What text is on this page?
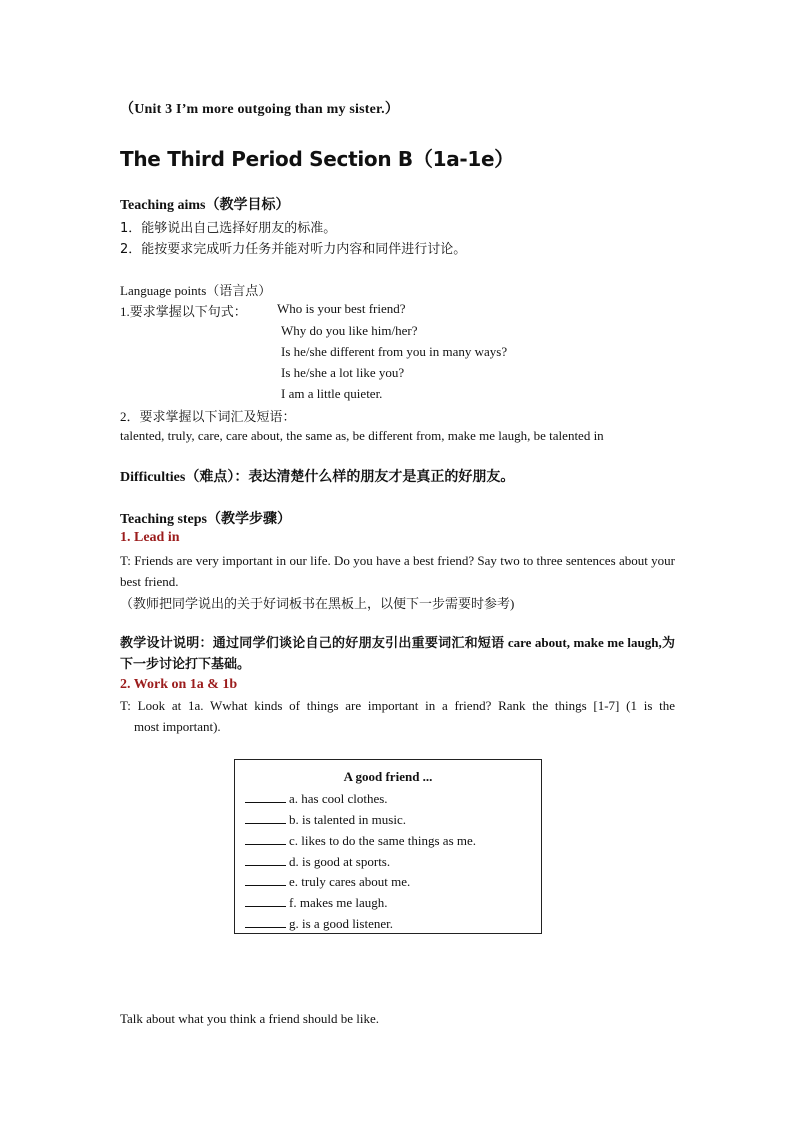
（Unit 3 I’m more outgoing than my sister.）
The Third Period Section B（1a-1e）
Teaching aims（教学目标）
1．能够说出自己选择好朋友的标准。
2．能按要求完成听力任务并能对听力内容和同伴进行讨论。
Language points（语言点）
1.要求掌握以下句式： Who is your best friend?
Why do you like him/her?
Is he/she different from you in many ways?
Is he/she a lot like you?
I am a little quieter.
2．要求掌握以下词汇及短语：
talented, truly, care, care about, the same as, be different from, make me laugh, be talented in
Difficulties（难点）：表达清楚什么样的朋友才是真正的好朋友。
Teaching steps（教学步骤）
1. Lead in
T: Friends are very important in our life. Do you have a best friend? Say two to three sentences about your best friend.
（教师把同学说出的关于好词板书在黑板上，以便下一步需要时参考)
教学设计说明：通过同学们谈论自己的好朋友引出重要词汇和短语 care about, make me laugh,为下一步讨论打下基础。
2. Work on 1a & 1b
T: Look at 1a. Wwhat kinds of things are important in a friend? Rank the things [1-7] (1 is the
most important).
A good friend ...
a. has cool clothes.
b. is talented in music.
c. likes to do the same things as me.
d. is good at sports.
e. truly cares about me.
f. makes me laugh.
g. is a good listener.
Talk about what you think a friend should be like.
